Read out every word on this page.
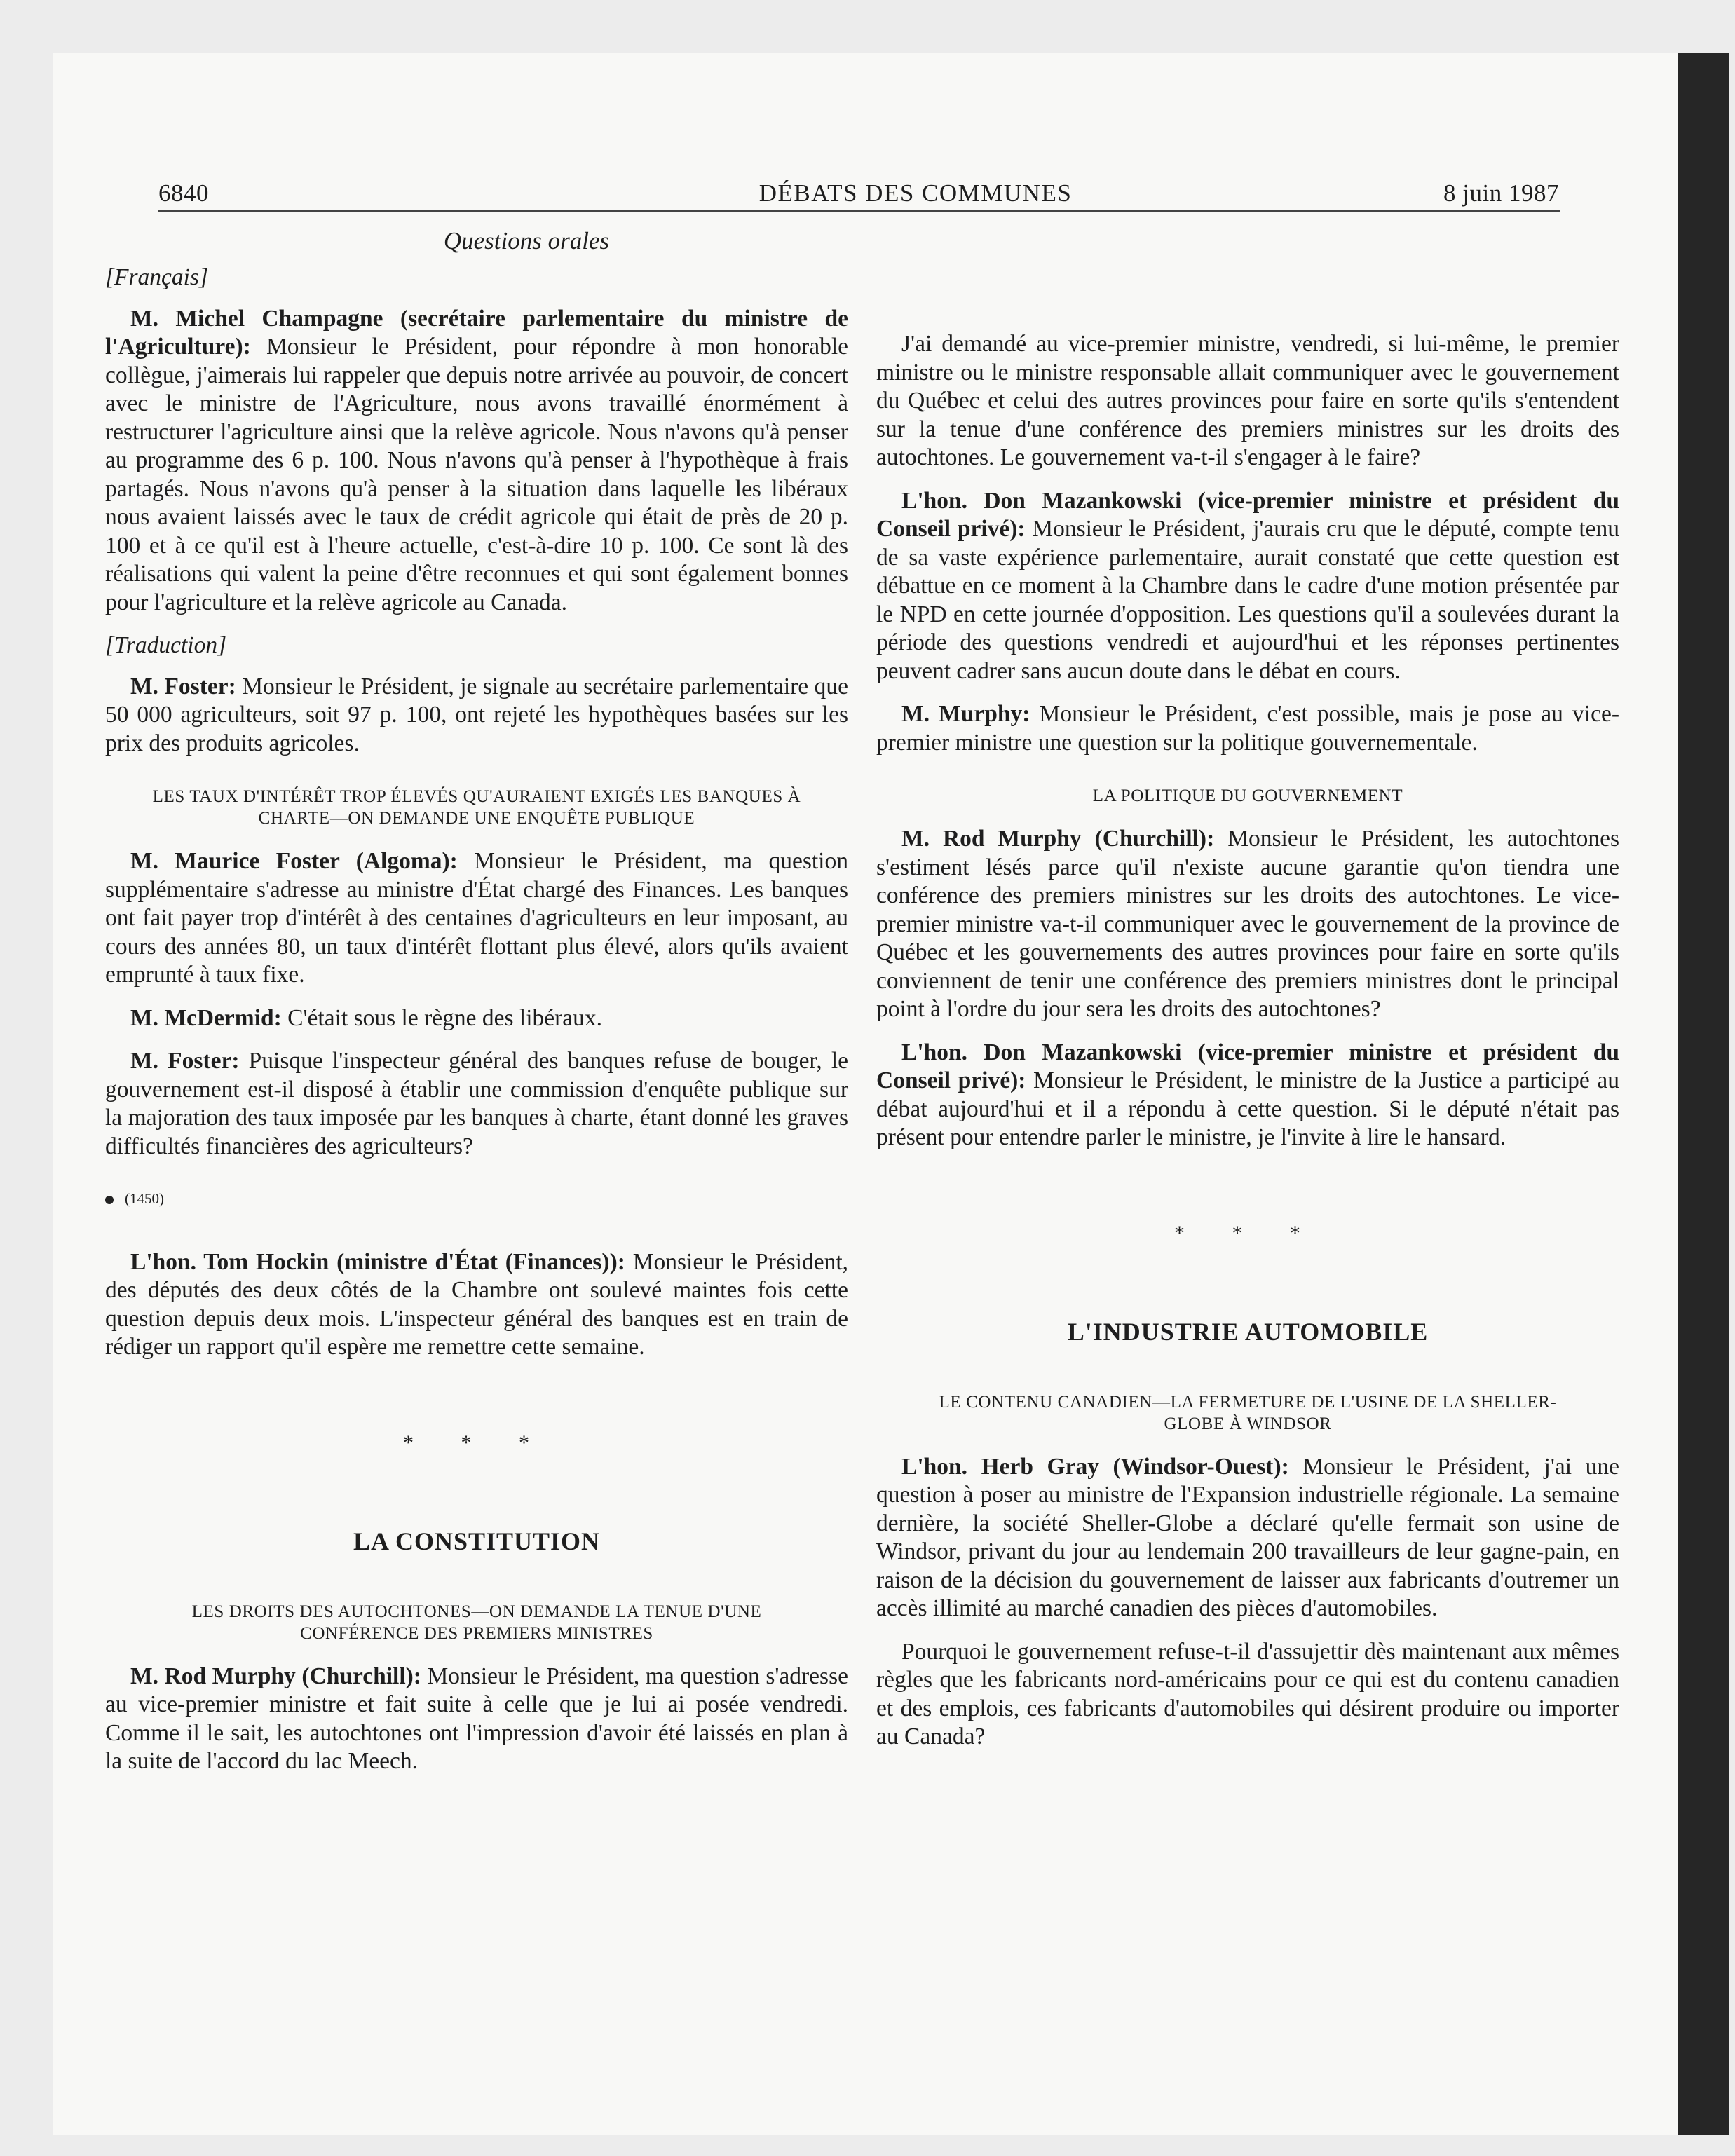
6840	DÉBATS DES COMMUNES	8 juin 1987
Questions orales
[Français]

M. Michel Champagne (secrétaire parlementaire du ministre de l'Agriculture): Monsieur le Président, pour répondre à mon honorable collègue, j'aimerais lui rappeler que depuis notre arrivée au pouvoir, de concert avec le ministre de l'Agriculture, nous avons travaillé énormément à restructurer l'agriculture ainsi que la relève agricole. Nous n'avons qu'à penser au programme des 6 p. 100. Nous n'avons qu'à penser à l'hypothèque à frais partagés. Nous n'avons qu'à penser à la situation dans laquelle les libéraux nous avaient laissés avec le taux de crédit agricole qui était de près de 20 p. 100 et à ce qu'il est à l'heure actuelle, c'est-à-dire 10 p. 100. Ce sont là des réalisations qui valent la peine d'être reconnues et qui sont également bonnes pour l'agriculture et la relève agricole au Canada.

[Traduction]

M. Foster: Monsieur le Président, je signale au secrétaire parlementaire que 50 000 agriculteurs, soit 97 p. 100, ont rejeté les hypothèques basées sur les prix des produits agricoles.

LES TAUX D'INTÉRÊT TROP ÉLEVÉS QU'AURAIENT EXIGÉS LES BANQUES À CHARTE—ON DEMANDE UNE ENQUÊTE PUBLIQUE

M. Maurice Foster (Algoma): Monsieur le Président, ma question supplémentaire s'adresse au ministre d'État chargé des Finances. Les banques ont fait payer trop d'intérêt à des centaines d'agriculteurs en leur imposant, au cours des années 80, un taux d'intérêt flottant plus élevé, alors qu'ils avaient emprunté à taux fixe.

M. McDermid: C'était sous le règne des libéraux.

M. Foster: Puisque l'inspecteur général des banques refuse de bouger, le gouvernement est-il disposé à établir une commission d'enquête publique sur la majoration des taux imposée par les banques à charte, étant donné les graves difficultés financières des agriculteurs?

(1450)

L'hon. Tom Hockin (ministre d'État (Finances)): Monsieur le Président, des députés des deux côtés de la Chambre ont soulevé maintes fois cette question depuis deux mois. L'inspecteur général des banques est en train de rédiger un rapport qu'il espère me remettre cette semaine.

* * *
LA CONSTITUTION
LES DROITS DES AUTOCHTONES—ON DEMANDE LA TENUE D'UNE CONFÉRENCE DES PREMIERS MINISTRES

M. Rod Murphy (Churchill): Monsieur le Président, ma question s'adresse au vice-premier ministre et fait suite à celle que je lui ai posée vendredi. Comme il le sait, les autochtones ont l'impression d'avoir été laissés en plan à la suite de l'accord du lac Meech.

J'ai demandé au vice-premier ministre, vendredi, si lui-même, le premier ministre ou le ministre responsable allait communiquer avec le gouvernement du Québec et celui des autres provinces pour faire en sorte qu'ils s'entendent sur la tenue d'une conférence des premiers ministres sur les droits des autochtones. Le gouvernement va-t-il s'engager à le faire?

L'hon. Don Mazankowski (vice-premier ministre et président du Conseil privé): Monsieur le Président, j'aurais cru que le député, compte tenu de sa vaste expérience parlementaire, aurait constaté que cette question est débattue en ce moment à la Chambre dans le cadre d'une motion présentée par le NPD en cette journée d'opposition. Les questions qu'il a soulevées durant la période des questions vendredi et aujourd'hui et les réponses pertinentes peuvent cadrer sans aucun doute dans le débat en cours.

M. Murphy: Monsieur le Président, c'est possible, mais je pose au vice-premier ministre une question sur la politique gouvernementale.

LA POLITIQUE DU GOUVERNEMENT

M. Rod Murphy (Churchill): Monsieur le Président, les autochtones s'estiment lésés parce qu'il n'existe aucune garantie qu'on tiendra une conférence des premiers ministres sur les droits des autochtones. Le vice-premier ministre va-t-il communiquer avec le gouvernement de la province de Québec et les gouvernements des autres provinces pour faire en sorte qu'ils conviennent de tenir une conférence des premiers ministres dont le principal point à l'ordre du jour sera les droits des autochtones?

L'hon. Don Mazankowski (vice-premier ministre et président du Conseil privé): Monsieur le Président, le ministre de la Justice a participé au débat aujourd'hui et il a répondu à cette question. Si le député n'était pas présent pour entendre parler le ministre, je l'invite à lire le hansard.

* * *
L'INDUSTRIE AUTOMOBILE
LE CONTENU CANADIEN—LA FERMETURE DE L'USINE DE LA SHELLER-GLOBE À WINDSOR

L'hon. Herb Gray (Windsor-Ouest): Monsieur le Président, j'ai une question à poser au ministre de l'Expansion industrielle régionale. La semaine dernière, la société Sheller-Globe a déclaré qu'elle fermait son usine de Windsor, privant du jour au lendemain 200 travailleurs de leur gagne-pain, en raison de la décision du gouvernement de laisser aux fabricants d'outremer un accès illimité au marché canadien des pièces d'automobiles.

Pourquoi le gouvernement refuse-t-il d'assujettir dès maintenant aux mêmes règles que les fabricants nord-américains pour ce qui est du contenu canadien et des emplois, ces fabricants d'automobiles qui désirent produire ou importer au Canada?
